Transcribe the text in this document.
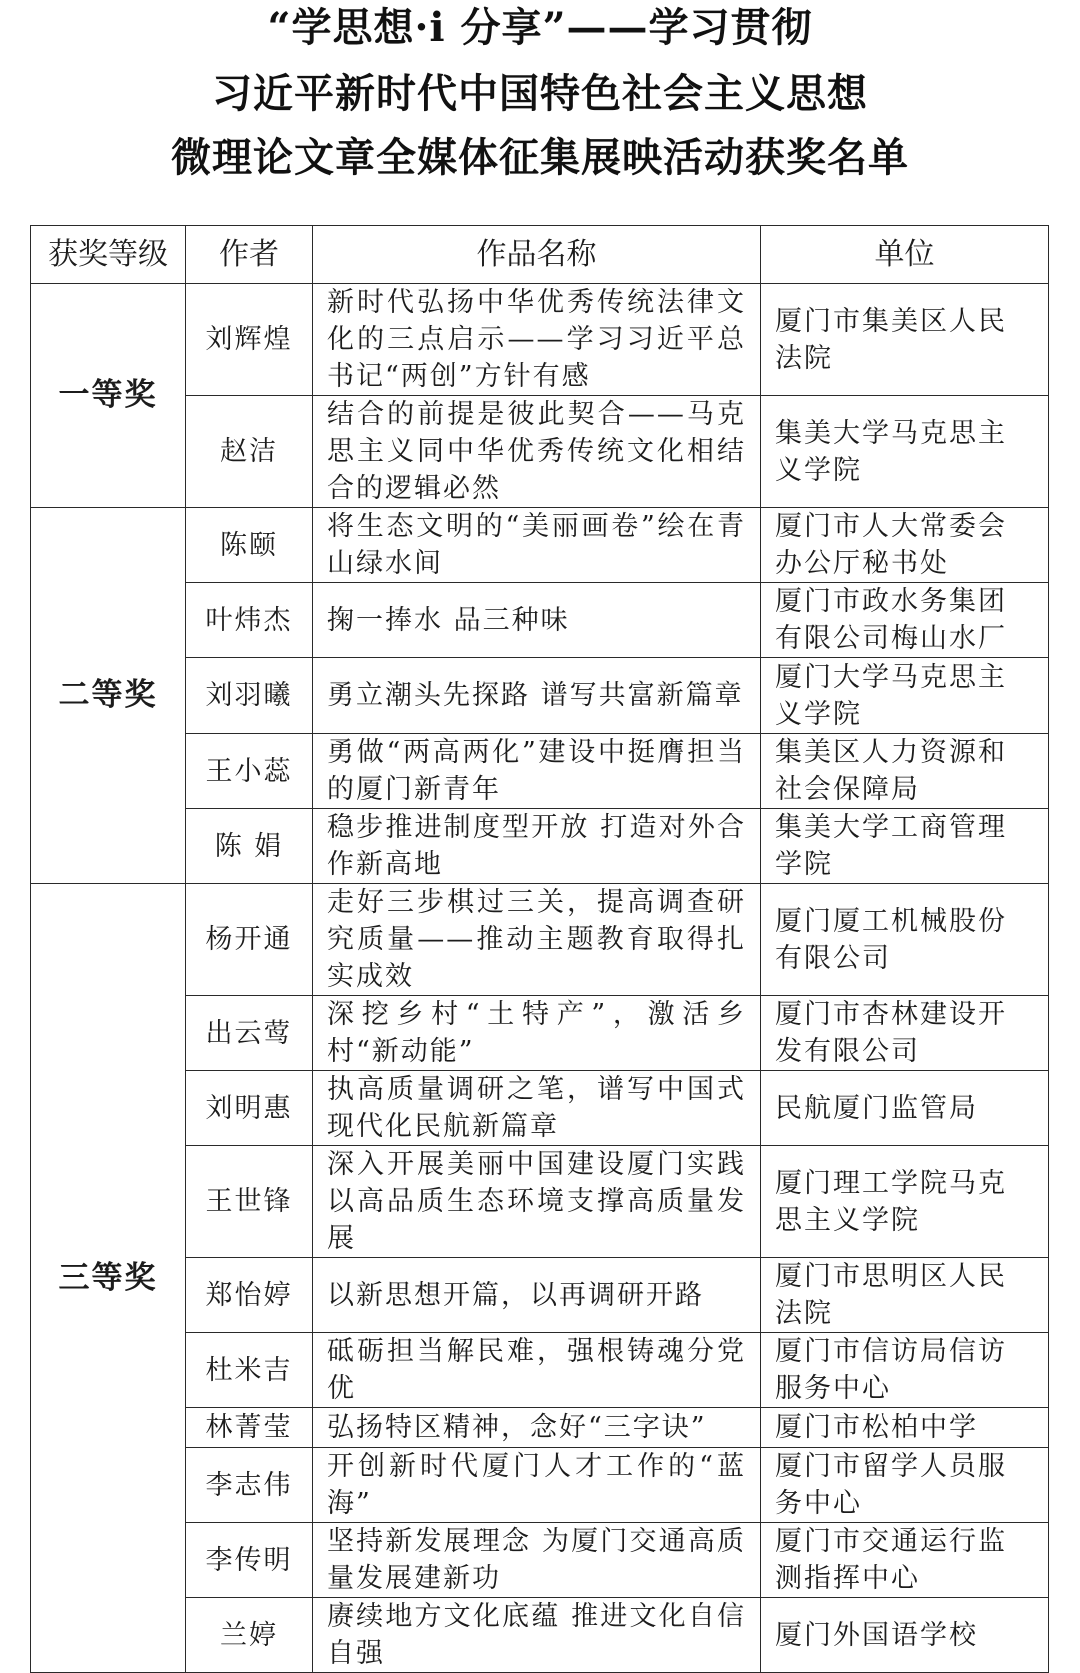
“学思想·i 分享”——学习贯彻
习近平新时代中国特色社会主义思想
微理论文章全媒体征集展映活动获奖名单
获奖等级	作者	作品名称	单位
一等奖	刘辉煌	新时代弘扬中华优秀传统法律文化的三点启示——学习习近平总书记“两创”方针有感	厦门市集美区人民法院
	赵洁	结合的前提是彼此契合——马克思主义同中华优秀传统文化相结合的逻辑必然	集美大学马克思主义学院
二等奖	陈颐	将生态文明的“美丽画卷”绘在青山绿水间	厦门市人大常委会办公厅秘书处
	叶炜杰	掬一捧水 品三种味	厦门市政水务集团有限公司梅山水厂
	刘羽曦	勇立潮头先探路 谱写共富新篇章	厦门大学马克思主义学院
	王小蕊	勇做“两高两化”建设中挺膺担当的厦门新青年	集美区人力资源和社会保障局
	陈 娟	稳步推进制度型开放 打造对外合作新高地	集美大学工商管理学院
三等奖	杨开通	走好三步棋过三关，提高调查研究质量——推动主题教育取得扎实成效	厦门厦工机械股份有限公司
	出云莺	深挖乡村“土特产”，激活乡村“新动能”	厦门市杏林建设开发有限公司
	刘明惠	执高质量调研之笔，谱写中国式现代化民航新篇章	民航厦门监管局
	王世锋	深入开展美丽中国建设厦门实践以高品质生态环境支撑高质量发展	厦门理工学院马克思主义学院
	郑怡婷	以新思想开篇，以再调研开路	厦门市思明区人民法院
	杜米吉	砥砺担当解民难，强根铸魂分党优	厦门市信访局信访服务中心
	林菁莹	弘扬特区精神，念好“三字诀”	厦门市松柏中学
	李志伟	开创新时代厦门人才工作的“蓝海”	厦门市留学人员服务中心
	李传明	坚持新发展理念 为厦门交通高质量发展建新功	厦门市交通运行监测指挥中心
	兰婷	赓续地方文化底蕴 推进文化自信自强	厦门外国语学校
